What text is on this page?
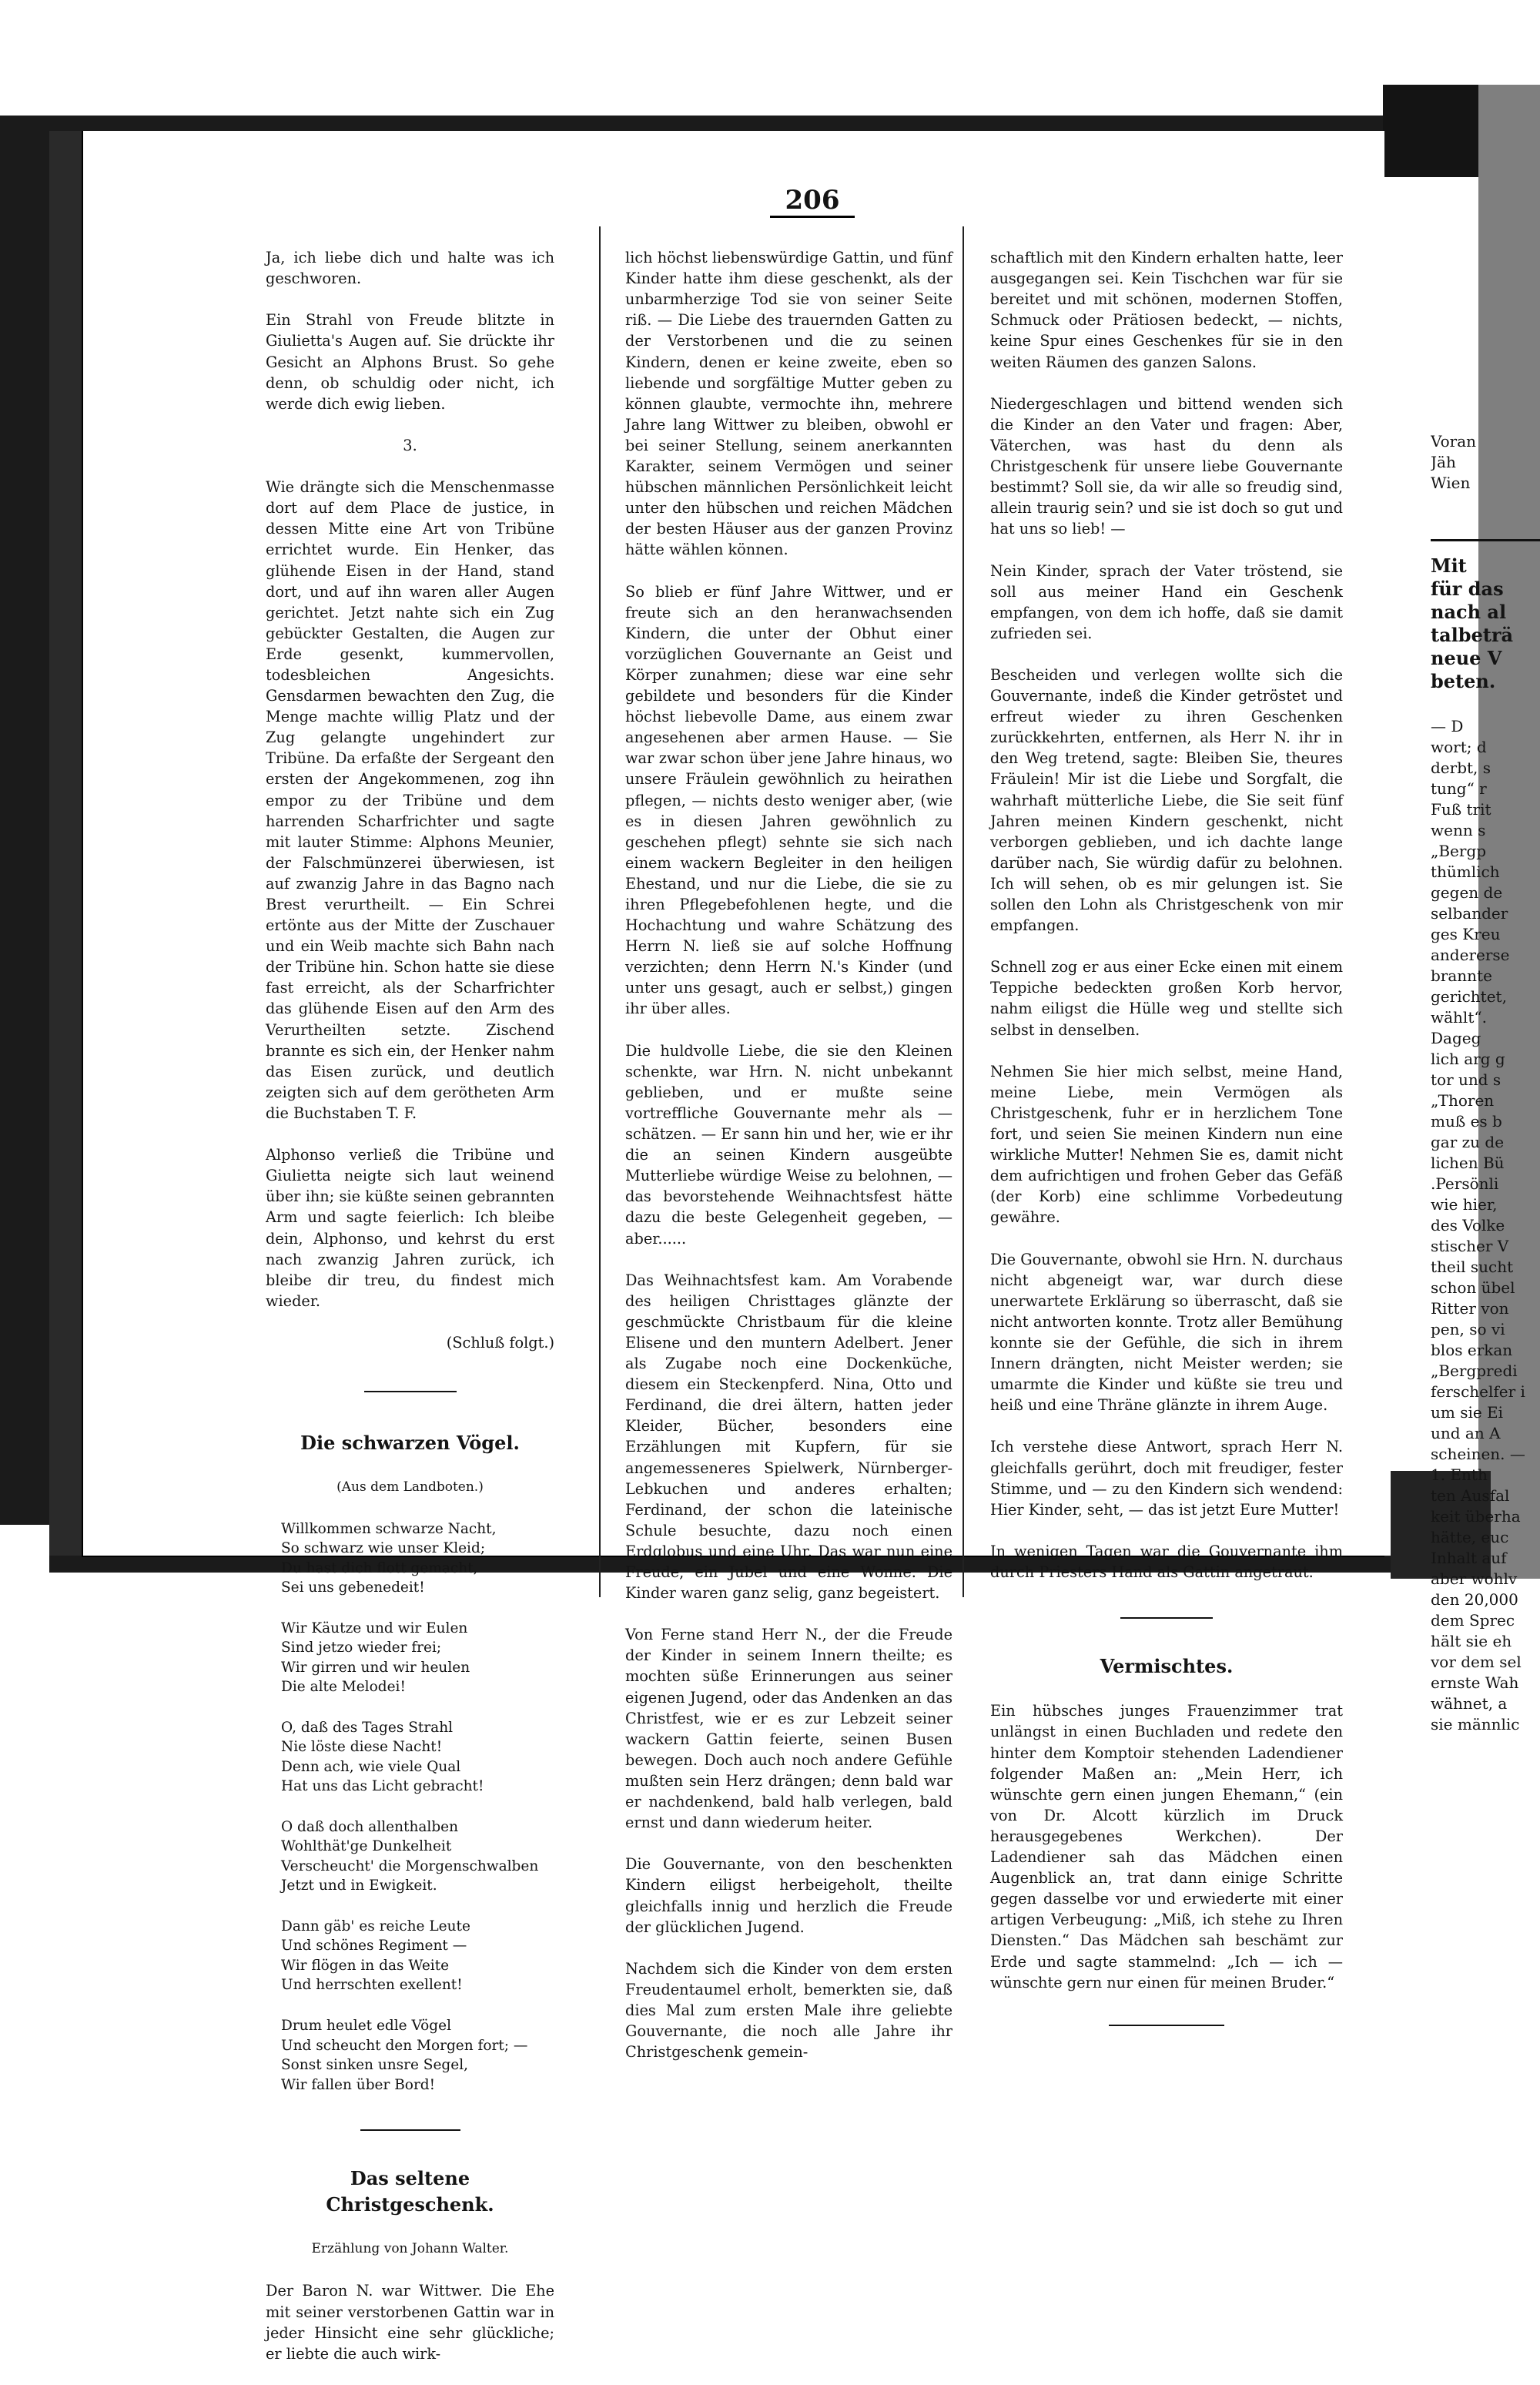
206

Ja, ich liebe dich und halte was ich geschworen.

Ein Strahl von Freude blitzte in Giulietta's Augen auf. Sie drückte ihr Gesicht an Alphons Brust. So gehe denn, ob schuldig oder nicht, ich werde dich ewig lieben.

3.

Wie drängte sich die Menschenmasse dort auf dem Place de justice, in dessen Mitte eine Art von Tribüne errichtet wurde. Ein Henker, das glühende Eisen in der Hand, stand dort, und auf ihn waren aller Augen gerichtet. Jetzt nahte sich ein Zug gebückter Gestalten, die Augen zur Erde gesenkt, kummervollen, todesbleichen Angesichts. Gensdarmen bewachten den Zug, die Menge machte willig Platz und der Zug gelangte ungehindert zur Tribüne. Da erfaßte der Sergeant den ersten der Angekommenen, zog ihn empor zu der Tribüne und dem harrenden Scharfrichter und sagte mit lauter Stimme: Alphons Meunier, der Falschmünzerei überwiesen, ist auf zwanzig Jahre in das Bagno nach Brest verurtheilt. — Ein Schrei ertönte aus der Mitte der Zuschauer und ein Weib machte sich Bahn nach der Tribüne hin. Schon hatte sie diese fast erreicht, als der Scharfrichter das glühende Eisen auf den Arm des Verurtheilten setzte. Zischend brannte es sich ein, der Henker nahm das Eisen zurück, und deutlich zeigten sich auf dem gerötheten Arm die Buchstaben T. F.

Alphonso verließ die Tribüne und Giulietta neigte sich laut weinend über ihn; sie küßte seinen gebrannten Arm und sagte feierlich: Ich bleibe dein, Alphonso, und kehrst du erst nach zwanzig Jahren zurück, ich bleibe dir treu, du findest mich wieder.

(Schluß folgt.)

Die schwarzen Vögel.

(Aus dem Landboten.)

Willkommen schwarze Nacht,
So schwarz wie unser Kleid;
Du hast dich flott gemacht,
Sei uns gebenedeit!

Wir Käutze und wir Eulen
Sind jetzo wieder frei;
Wir girren und wir heulen
Die alte Melodei!

O, daß des Tages Strahl
Nie löste diese Nacht!
Denn ach, wie viele Qual
Hat uns das Licht gebracht!

O daß doch allenthalben
Wohlthät'ge Dunkelheit
Verscheucht' die Morgenschwalben
Jetzt und in Ewigkeit.

Dann gäb' es reiche Leute
Und schönes Regiment —
Wir flögen in das Weite
Und herrschten exellent!

Drum heulet edle Vögel
Und scheucht den Morgen fort; —
Sonst sinken unsre Segel,
Wir fallen über Bord!

Das seltene Christgeschenk.

Erzählung von Johann Walter.

Der Baron N. war Wittwer. Die Ehe mit seiner verstorbenen Gattin war in jeder Hinsicht eine sehr glückliche; er liebte die auch wirk-

lich höchst liebenswürdige Gattin, und fünf Kinder hatte ihm diese geschenkt, als der unbarmherzige Tod sie von seiner Seite riß. — Die Liebe des trauernden Gatten zu der Verstorbenen und die zu seinen Kindern, denen er keine zweite, eben so liebende und sorgfältige Mutter geben zu können glaubte, vermochte ihn, mehrere Jahre lang Wittwer zu bleiben, obwohl er bei seiner Stellung, seinem anerkannten Karakter, seinem Vermögen und seiner hübschen männlichen Persönlichkeit leicht unter den hübschen und reichen Mädchen der besten Häuser aus der ganzen Provinz hätte wählen können.

So blieb er fünf Jahre Wittwer, und er freute sich an den heranwachsenden Kindern, die unter der Obhut einer vorzüglichen Gouvernante an Geist und Körper zunahmen; diese war eine sehr gebildete und besonders für die Kinder höchst liebevolle Dame, aus einem zwar angesehenen aber armen Hause. — Sie war zwar schon über jene Jahre hinaus, wo unsere Fräulein gewöhnlich zu heirathen pflegen, — nichts desto weniger aber, (wie es in diesen Jahren gewöhnlich zu geschehen pflegt) sehnte sie sich nach einem wackern Begleiter in den heiligen Ehestand, und nur die Liebe, die sie zu ihren Pflegebefohlenen hegte, und die Hochachtung und wahre Schätzung des Herrn N. ließ sie auf solche Hoffnung verzichten; denn Herrn N.'s Kinder (und unter uns gesagt, auch er selbst,) gingen ihr über alles.

Die huldvolle Liebe, die sie den Kleinen schenkte, war Hrn. N. nicht unbekannt geblieben, und er mußte seine vortreffliche Gouvernante mehr als — schätzen. — Er sann hin und her, wie er ihr die an seinen Kindern ausgeübte Mutterliebe würdige Weise zu belohnen, — das bevorstehende Weihnachtsfest hätte dazu die beste Gelegenheit gegeben, — aber......

Das Weihnachtsfest kam. Am Vorabende des heiligen Christtages glänzte der geschmückte Christbaum für die kleine Elisene und den muntern Adelbert. Jener als Zugabe noch eine Dockenküche, diesem ein Steckenpferd. Nina, Otto und Ferdinand, die drei ältern, hatten jeder Kleider, Bücher, besonders eine Erzählungen mit Kupfern, für sie angemesseneres Spielwerk, Nürnberger-Lebkuchen und anderes erhalten; Ferdinand, der schon die lateinische Schule besuchte, dazu noch einen Erdglobus und eine Uhr. Das war nun eine Freude, ein Jubel und eine Wonne. Die Kinder waren ganz selig, ganz begeistert.

Von Ferne stand Herr N., der die Freude der Kinder in seinem Innern theilte; es mochten süße Erinnerungen aus seiner eigenen Jugend, oder das Andenken an das Christfest, wie er es zur Lebzeit seiner wackern Gattin feierte, seinen Busen bewegen. Doch auch noch andere Gefühle mußten sein Herz drängen; denn bald war er nachdenkend, bald halb verlegen, bald ernst und dann wiederum heiter.

Die Gouvernante, von den beschenkten Kindern eiligst herbeigeholt, theilte gleichfalls innig und herzlich die Freude der glücklichen Jugend.

Nachdem sich die Kinder von dem ersten Freudentaumel erholt, bemerkten sie, daß dies Mal zum ersten Male ihre geliebte Gouvernante, die noch alle Jahre ihr Christgeschenk gemein-

schaftlich mit den Kindern erhalten hatte, leer ausgegangen sei. Kein Tischchen war für sie bereitet und mit schönen, modernen Stoffen, Schmuck oder Prätiosen bedeckt, — nichts, keine Spur eines Geschenkes für sie in den weiten Räumen des ganzen Salons.

Niedergeschlagen und bittend wenden sich die Kinder an den Vater und fragen: Aber, Väterchen, was hast du denn als Christgeschenk für unsere liebe Gouvernante bestimmt? Soll sie, da wir alle so freudig sind, allein traurig sein? und sie ist doch so gut und hat uns so lieb! —

Nein Kinder, sprach der Vater tröstend, sie soll aus meiner Hand ein Geschenk empfangen, von dem ich hoffe, daß sie damit zufrieden sei.

Bescheiden und verlegen wollte sich die Gouvernante, indeß die Kinder getröstet und erfreut wieder zu ihren Geschenken zurückkehrten, entfernen, als Herr N. ihr in den Weg tretend, sagte: Bleiben Sie, theures Fräulein! Mir ist die Liebe und Sorgfalt, die wahrhaft mütterliche Liebe, die Sie seit fünf Jahren meinen Kindern geschenkt, nicht verborgen geblieben, und ich dachte lange darüber nach, Sie würdig dafür zu belohnen. Ich will sehen, ob es mir gelungen ist. Sie sollen den Lohn als Christgeschenk von mir empfangen.

Schnell zog er aus einer Ecke einen mit einem Teppiche bedeckten großen Korb hervor, nahm eiligst die Hülle weg und stellte sich selbst in denselben.

Nehmen Sie hier mich selbst, meine Hand, meine Liebe, mein Vermögen als Christgeschenk, fuhr er in herzlichem Tone fort, und seien Sie meinen Kindern nun eine wirkliche Mutter! Nehmen Sie es, damit nicht dem aufrichtigen und frohen Geber das Gefäß (der Korb) eine schlimme Vorbedeutung gewähre.

Die Gouvernante, obwohl sie Hrn. N. durchaus nicht abgeneigt war, war durch diese unerwartete Erklärung so überrascht, daß sie nicht antworten konnte. Trotz aller Bemühung konnte sie der Gefühle, die sich in ihrem Innern drängten, nicht Meister werden; sie umarmte die Kinder und küßte sie treu und heiß und eine Thräne glänzte in ihrem Auge.

Ich verstehe diese Antwort, sprach Herr N. gleichfalls gerührt, doch mit freudiger, fester Stimme, und — zu den Kindern sich wendend: Hier Kinder, seht, — das ist jetzt Eure Mutter!

In wenigen Tagen war die Gouvernante ihm durch Priesters Hand als Gattin angetraut.

Vermischtes.

Ein hübsches junges Frauenzimmer trat unlängst in einen Buchladen und redete den hinter dem Komptoir stehenden Ladendiener folgender Maßen an: „Mein Herr, ich wünschte gern einen jungen Ehemann,“ (ein von Dr. Alcott kürzlich im Druck herausgegebenes Werkchen). Der Ladendiener sah das Mädchen einen Augenblick an, trat dann einige Schritte gegen dasselbe vor und erwiederte mit einer artigen Verbeugung: „Miß, ich stehe zu Ihren Diensten.“ Das Mädchen sah beschämt zur Erde und sagte stammelnd: „Ich — ich — wünschte gern nur einen für meinen Bruder.“

Voran
Jäh
Wien
Mit
für das
nach al
talbeträ
neue V
beten.
— D
wort; d
derbt, s
tung“ r
Fuß trit
wenn s
„Bergp
thümlich
gegen de
selbander
ges Kreu
andererse
brannte
gerichtet,
wählt“.
Dageg
lich arg g
tor und s
„Thoren
muß es b
gar zu de
lichen Bü
.Persönli
wie hier,
des Volke
stischer V
theil sucht
schon übel
Ritter von
pen, so vi
blos erkan
„Bergpredi
ferschelfer i
um sie Ei
und an A
scheinen. —
1. Enth
ten Ausfal
keit überha
hätte, euc
Inhalt auf
aber wohlv
den 20,000
dem Sprec
hält sie eh
vor dem sel
ernste Wah
wähnet, a
sie männlic
